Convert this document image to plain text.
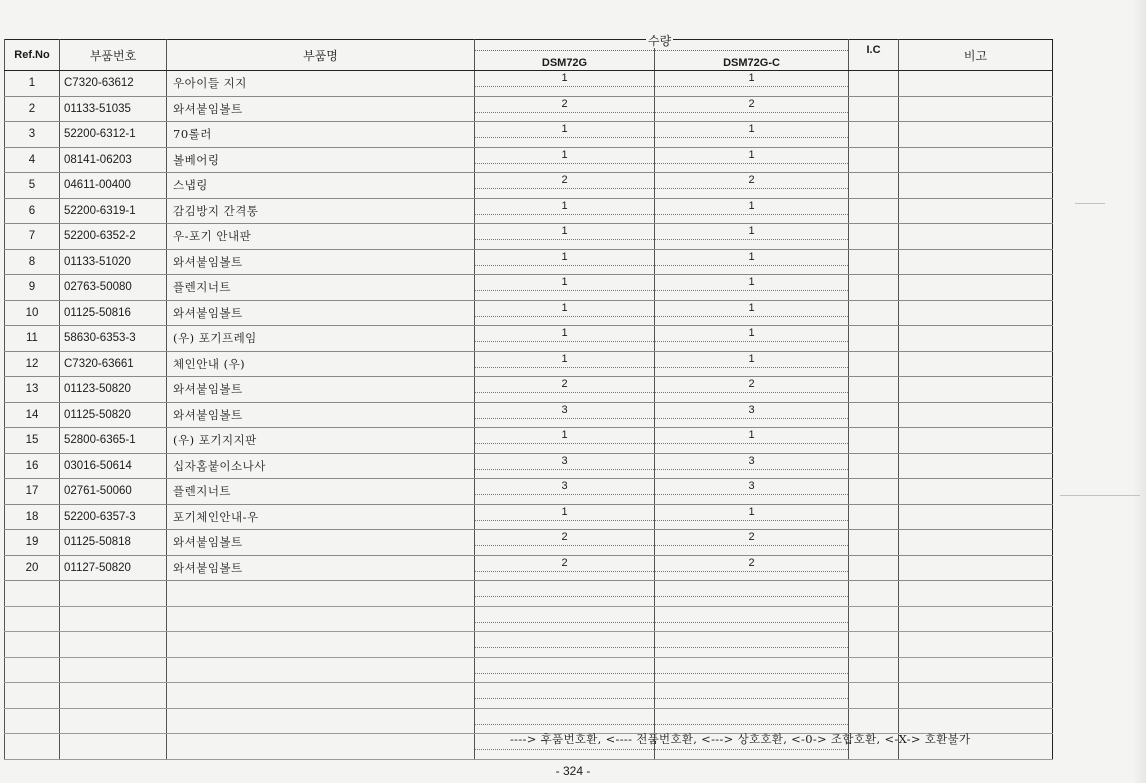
Ref.No	부품번호	부품명	DSM72G	DSM72G-C	I.C	비고
1	C7320-63612	우아이들 지지	1	1		

2	01133-51035	와셔붙임볼트	2	2		

3	52200-6312-1	70롤러	1	1		

4	08141-06203	볼베어링	1	1		

5	04611-00400	스냅링	2	2		

6	52200-6319-1	감김방지 간격통	1	1		

7	52200-6352-2	우-포기 안내판	1	1		

8	01133-51020	와셔붙임볼트	1	1		

9	02763-50080	플렌지너트	1	1		

10	01125-50816	와셔붙임볼트	1	1		

11	58630-6353-3	(우) 포기프레임	1	1		

12	C7320-63661	체인안내 (우)	1	1		

13	01123-50820	와셔붙임볼트	2	2		

14	01125-50820	와셔붙임볼트	3	3		

15	52800-6365-1	(우) 포기지지판	1	1		

16	03016-50614	십자홈붙이소나사	3	3		

17	02761-50060	플렌지너트	3	3		

18	52200-6357-3	포기체인안내-우	1	1		

19	01125-50818	와셔붙임볼트	2	2		

20	01127-50820	와셔붙임볼트	2	2		

수량
----> 후품번호환, <---- 전품번호환, <---> 상호호환, <-0-> 조합호환, <-X-> 호환불가
- 324 -
